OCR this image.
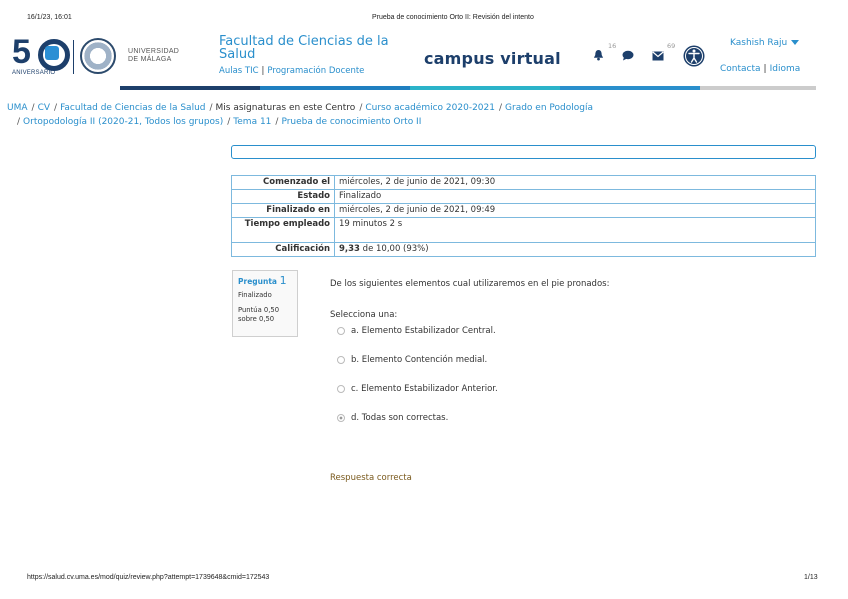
16/1/23, 16:01	Prueba de conocimiento Orto II: Revisión del intento
5
ANIVERSARIO
UNIVERSIDAD
DE MÁLAGA
Facultad de Ciencias de la Salud
Aulas TIC | Programación Docente
campus virtual
16	69	Kashish Raju
Contacta | Idioma
UMA / CV / Facultad de Ciencias de la Salud / Mis asignaturas en este Centro / Curso académico 2020-2021 / Grado en Podología
/ Ortopodología II (2020-21, Todos los grupos) / Tema 11 / Prueba de conocimiento Orto II
Comenzado el	miércoles, 2 de junio de 2021, 09:30
Estado	Finalizado
Finalizado en	miércoles, 2 de junio de 2021, 09:49
Tiempo empleado	19 minutos 2 s
Calificación	9,33 de 10,00 (93%)
Pregunta 1
Finalizado
Puntúa 0,50 sobre 0,50
De los siguientes elementos cual utilizaremos en el pie pronados:
Selecciona una:
a. Elemento Estabilizador Central.
b. Elemento Contención medial.
c. Elemento Estabilizador Anterior.
d. Todas son correctas.
Respuesta correcta
https://salud.cv.uma.es/mod/quiz/review.php?attempt=1739648&cmid=172543	1/13
